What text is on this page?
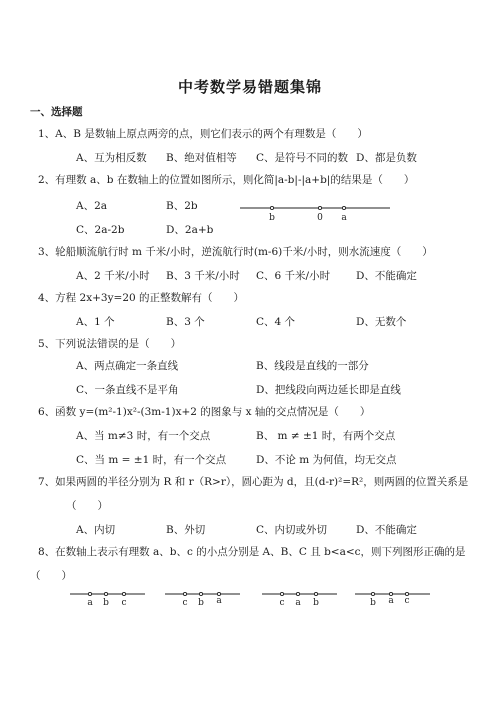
中考数学易错题集锦
一、选择题
1、A、B 是数轴上原点两旁的点，则它们表示的两个有理数是（　　）
A、互为相反数 B、绝对值相等 C、是符号不同的数 D、都是负数
2、有理数 a、b 在数轴上的位置如图所示，则化简|a-b|-|a+b|的结果是（　　）
A、2a	B、2b
C、2a-2b	D、2a+b
b	0 a
3、轮船顺流航行时 m 千米/小时，逆流航行时(m-6)千米/小时，则水流速度（　　）
A、2 千米/小时 B、3 千米/小时 C、6 千米/小时 D、不能确定
4、方程 2x+3y=20 的正整数解有（　　）
A、1 个	B、3 个	C、4 个	D、无数个
5、下列说法错误的是（　　）
A、两点确定一条直线	B、线段是直线的一部分
C、一条直线不是平角	D、把线段向两边延长即是直线
6、函数 y=(m²-1)x²-(3m-1)x+2 的图象与 x 轴的交点情况是（　　）
A、当 m≠3 时，有一个交点	B、 m ≠ ±1 时，有两个交点
C、当 m = ±1 时，有一个交点	D、不论 m 为何值，均无交点
7、如果两圆的半径分别为 R 和 r（R>r），圆心距为 d，且(d-r)²=R²，则两圆的位置关系是
（　　）
A、内切	B、外切	C、内切或外切	D、不能确定
8、在数轴上表示有理数 a、b、c 的小点分别是 A、B、C 且 b<a<c，则下列图形正确的是
（　　）
a b c	c b a	c a b	b a c
